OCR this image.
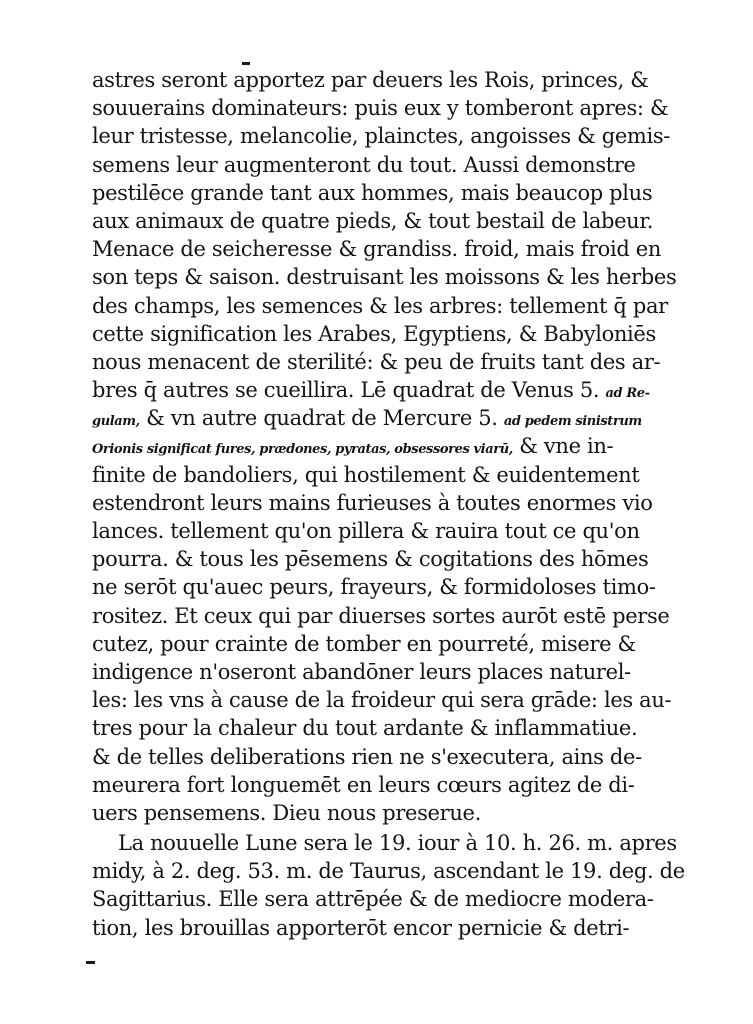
astres seront apportez par deuers les Rois, princes, &
souuerains dominateurs: puis eux y tomberont apres: &
leur tristesse, melancolie, plainctes, angoisses & gemis-
semens leur augmenteront du tout. Aussi demonstre
pestilēce grande tant aux hommes, mais beaucop plus
aux animaux de quatre pieds, & tout bestail de labeur.
Menace de seicheresse & grandiss. froid, mais froid en
son teps & saison. destruisant les moissons & les herbes
des champs, les semences & les arbres: tellement q̄ par
cette signification les Arabes, Egyptiens, & Babyloniēs
nous menacent de sterilité: & peu de fruits tant des ar-
bres q̄ autres se cueillira. Lē quadrat de Venus 5. ad Re-
gulam, & vn autre quadrat de Mercure 5. ad pedem sinistrum
Orionis significat fures, prædones, pyratas, obsessores viarū, & vne in-
finite de bandoliers, qui hostilement & euidentement
estendront leurs mains furieuses à toutes enormes vio
lances. tellement qu'on pillera & rauira tout ce qu'on
pourra. & tous les pēsemens & cogitations des hōmes
ne serōt qu'auec peurs, frayeurs, & formidoloses timo-
rositez. Et ceux qui par diuerses sortes aurōt estē perse
cutez, pour crainte de tomber en pourreté, misere &
indigence n'oseront abandōner leurs places naturel-
les: les vns à cause de la froideur qui sera grāde: les au-
tres pour la chaleur du tout ardante & inflammatiue.
& de telles deliberations rien ne s'executera, ains de-
meurera fort longuemēt en leurs cœurs agitez de di-
uers pensemens. Dieu nous preserue.
La nouuelle Lune sera le 19. iour à 10. h. 26. m. apres
midy, à 2. deg. 53. m. de Taurus, ascendant le 19. deg. de
Sagittarius. Elle sera attrēpée & de mediocre modera-
tion, les brouillas apporterōt encor pernicie & detri-
